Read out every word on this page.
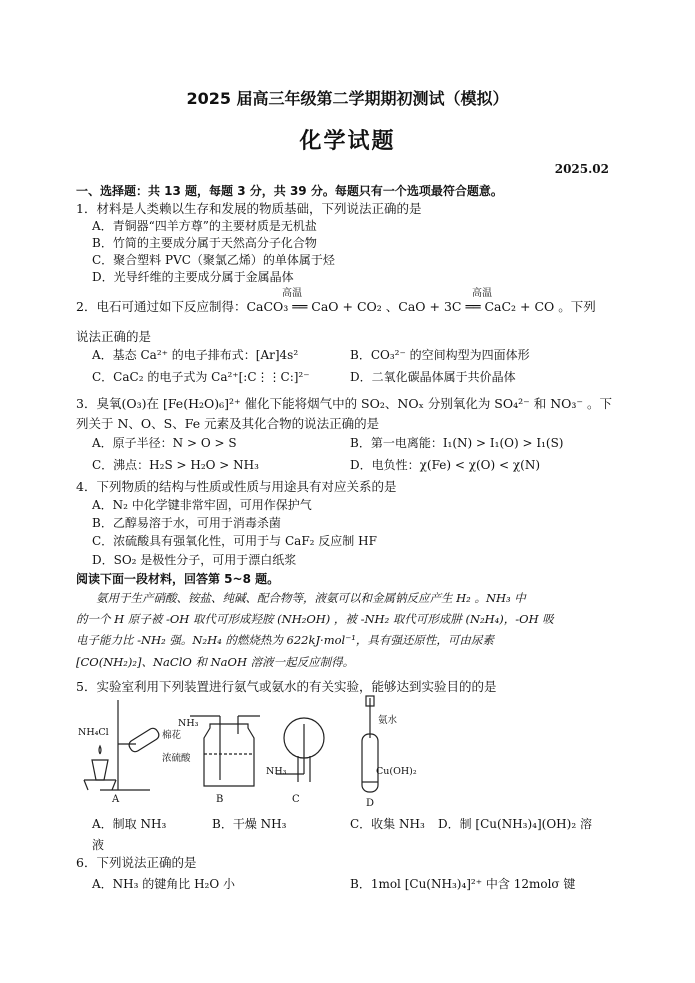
2025 届高三年级第二学期期初测试（模拟）
化学试题
2025.02
一、选择题：共 13 题，每题 3 分，共 39 分。每题只有一个选项最符合题意。
1．材料是人类赖以生存和发展的物质基础，下列说法正确的是
A．青铜器“四羊方尊”的主要材质是无机盐
B．竹简的主要成分属于天然高分子化合物
C．聚合塑料 PVC（聚氯乙烯）的单体属于烃
D．光导纤维的主要成分属于金属晶体
2．电石可通过如下反应制得：CaCO₃ ══ CaO + CO₂ 、CaO + 3C ══ CaC₂ + CO 。下列
高温	高温
说法正确的是
A．基态 Ca²⁺ 的电子排布式：[Ar]4s²	B．CO₃²⁻ 的空间构型为四面体形
C．CaC₂ 的电子式为 Ca²⁺[:C⋮⋮C:]²⁻	D．二氧化碳晶体属于共价晶体
3．臭氧(O₃)在 [Fe(H₂O)₆]²⁺ 催化下能将烟气中的 SO₂、NOₓ 分别氧化为 SO₄²⁻ 和 NO₃⁻ 。下
列关于 N、O、S、Fe 元素及其化合物的说法正确的是
A．原子半径：N > O > S	B．第一电离能：I₁(N) > I₁(O) > I₁(S)
C．沸点：H₂S > H₂O > NH₃	D．电负性：χ(Fe) < χ(O) < χ(N)
4．下列物质的结构与性质或性质与用途具有对应关系的是
A．N₂ 中化学键非常牢固，可用作保护气
B．乙醇易溶于水，可用于消毒杀菌
C．浓硫酸具有强氧化性，可用于与 CaF₂ 反应制 HF
D．SO₂ 是极性分子，可用于漂白纸浆
阅读下面一段材料，回答第 5~8 题。
氨用于生产硝酸、铵盐、纯碱、配合物等，液氨可以和金属钠反应产生 H₂ 。NH₃ 中
的一个 H 原子被 -OH 取代可形成羟胺 (NH₂OH) ，被 -NH₂ 取代可形成肼 (N₂H₄)，-OH 吸
电子能力比 -NH₂ 强。N₂H₄ 的燃烧热为 622kJ·mol⁻¹，具有强还原性，可由尿素
[CO(NH₂)₂]、NaClO 和 NaOH 溶液一起反应制得。
5．实验室利用下列装置进行氨气或氨水的有关实验，能够达到实验目的的是
NH₄Cl	棉花
NH₃
浓硫酸
NH₃
氨水
Cu(OH)₂
A	B	C	D
A．制取 NH₃	B．干燥 NH₃	C．收集 NH₃ D．制 [Cu(NH₃)₄](OH)₂ 溶
液
6．下列说法正确的是
A．NH₃ 的键角比 H₂O 小	B．1mol [Cu(NH₃)₄]²⁺ 中含 12molσ 键
